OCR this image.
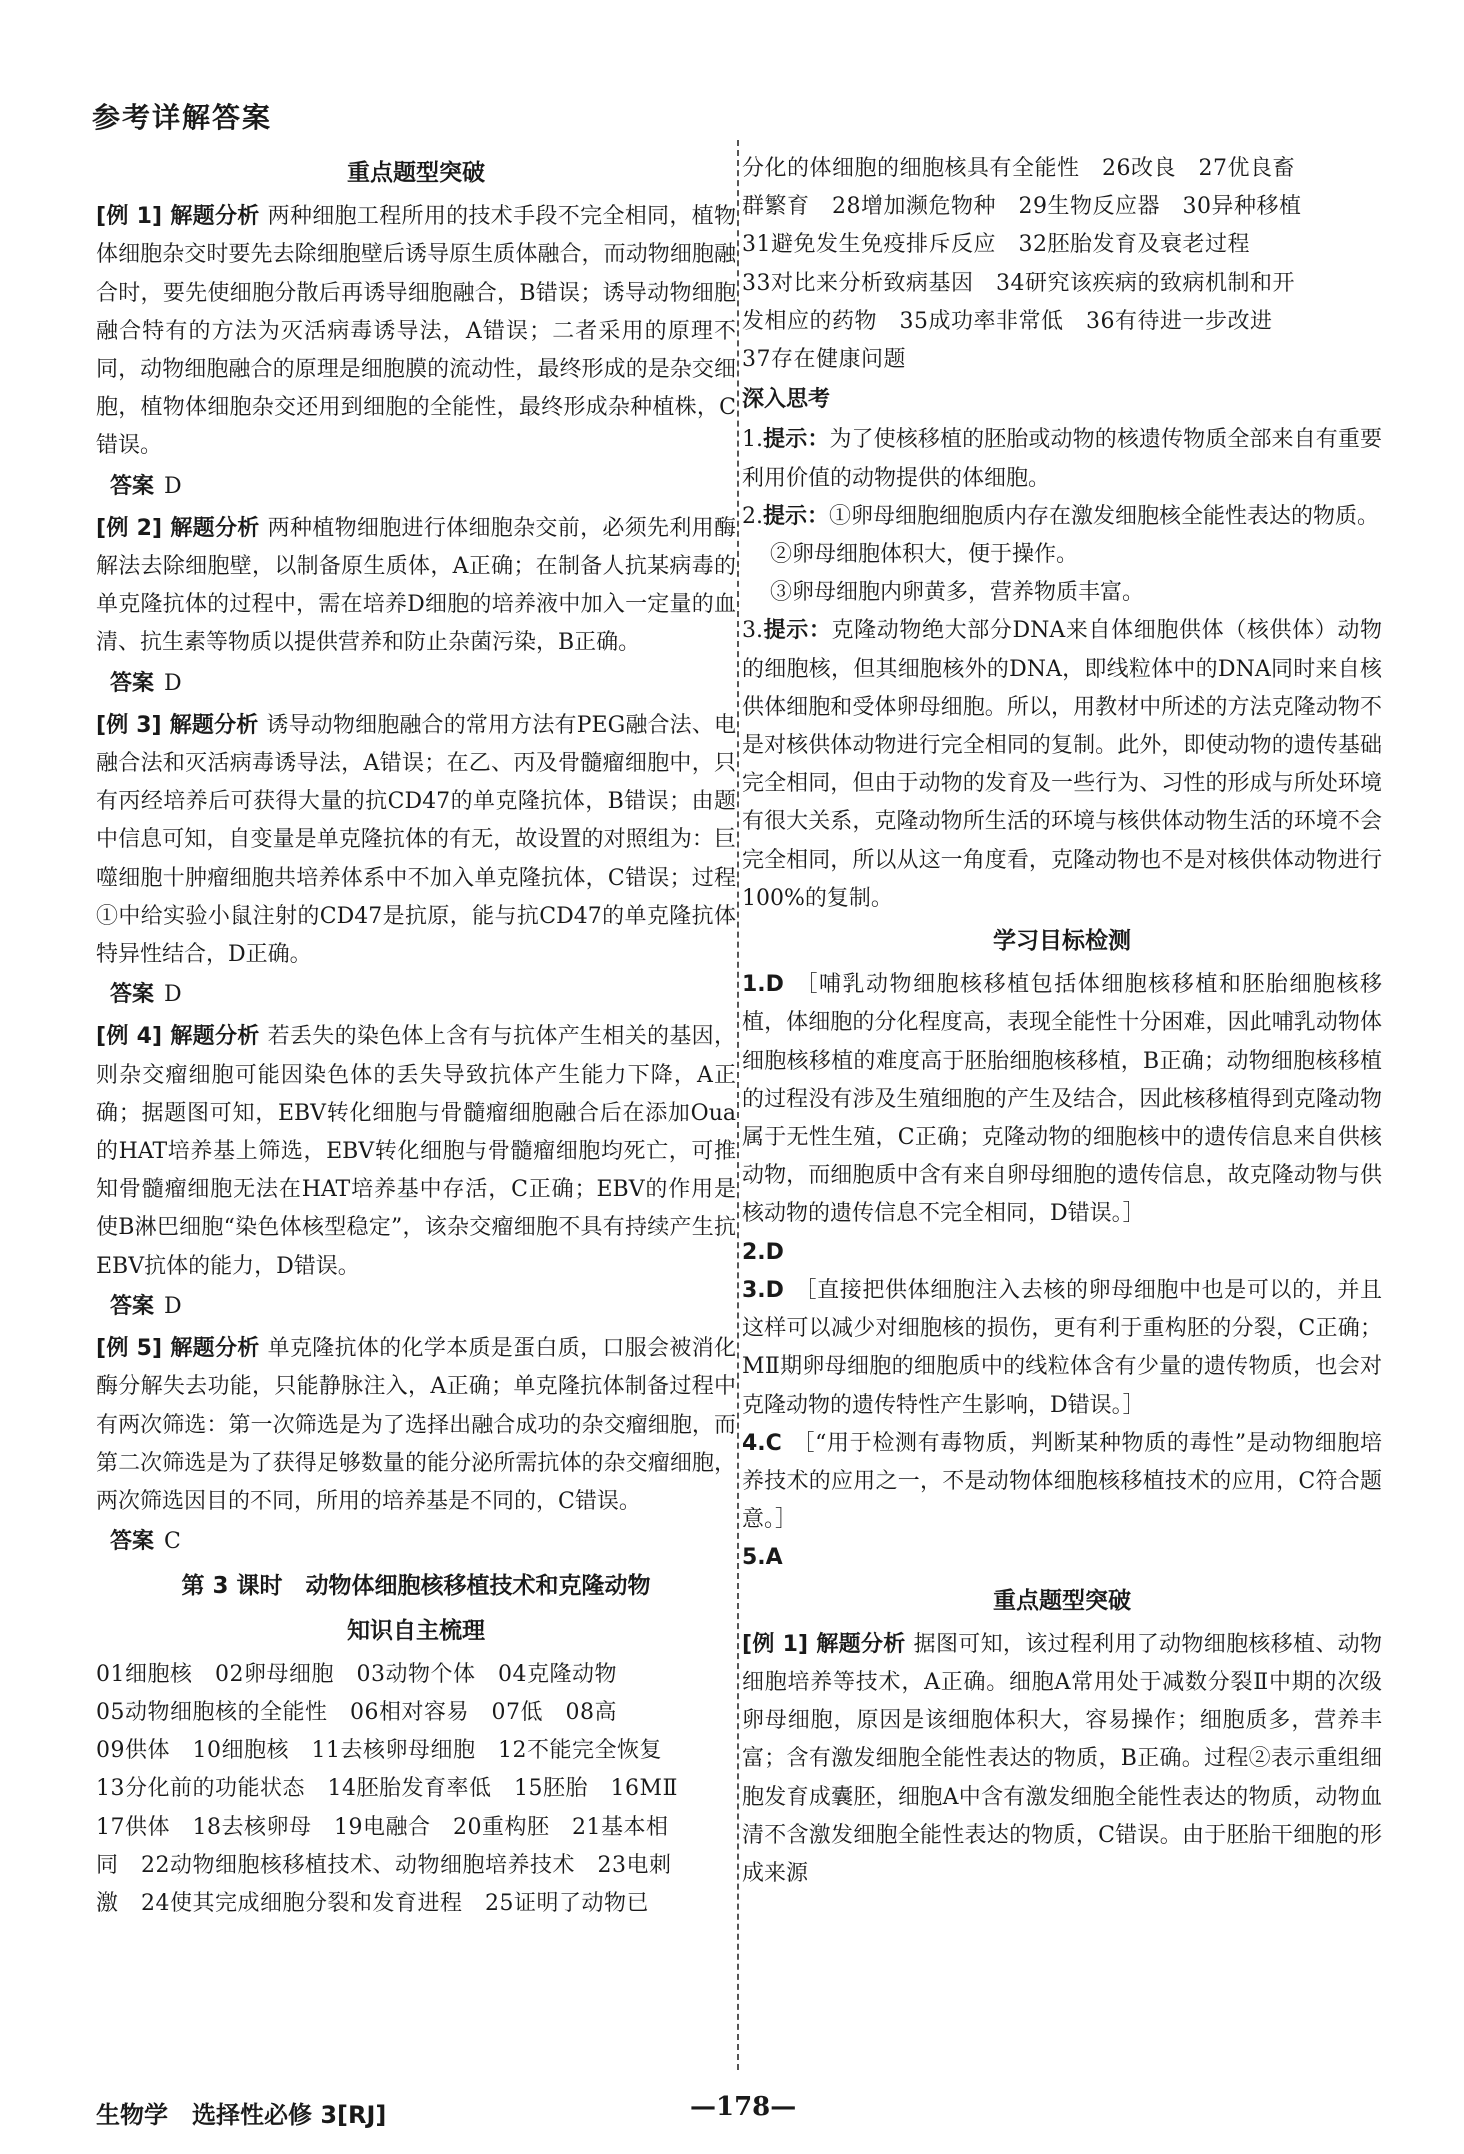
参考详解答案
重点题型突破

[例 1] 解题分析 两种细胞工程所用的技术手段不完全相同，植物体细胞杂交时要先去除细胞壁后诱导原生质体融合，而动物细胞融合时，要先使细胞分散后再诱导细胞融合，B错误；诱导动物细胞融合特有的方法为灭活病毒诱导法，A错误；二者采用的原理不同，动物细胞融合的原理是细胞膜的流动性，最终形成的是杂交细胞，植物体细胞杂交还用到细胞的全能性，最终形成杂种植株，C错误。

答案 D

[例 2] 解题分析 两种植物细胞进行体细胞杂交前，必须先利用酶解法去除细胞壁，以制备原生质体，A正确；在制备人抗某病毒的单克隆抗体的过程中，需在培养D细胞的培养液中加入一定量的血清、抗生素等物质以提供营养和防止杂菌污染，B正确。

答案 D

[例 3] 解题分析 诱导动物细胞融合的常用方法有PEG融合法、电融合法和灭活病毒诱导法，A错误；在乙、丙及骨髓瘤细胞中，只有丙经培养后可获得大量的抗CD47的单克隆抗体，B错误；由题中信息可知，自变量是单克隆抗体的有无，故设置的对照组为：巨噬细胞十肿瘤细胞共培养体系中不加入单克隆抗体，C错误；过程①中给实验小鼠注射的CD47是抗原，能与抗CD47的单克隆抗体特异性结合，D正确。

答案 D

[例 4] 解题分析 若丢失的染色体上含有与抗体产生相关的基因，则杂交瘤细胞可能因染色体的丢失导致抗体产生能力下降，A正确；据题图可知，EBV转化细胞与骨髓瘤细胞融合后在添加Oua的HAT培养基上筛选，EBV转化细胞与骨髓瘤细胞均死亡，可推知骨髓瘤细胞无法在HAT培养基中存活，C正确；EBV的作用是使B淋巴细胞“染色体核型稳定”，该杂交瘤细胞不具有持续产生抗EBV抗体的能力，D错误。

答案 D

[例 5] 解题分析 单克隆抗体的化学本质是蛋白质，口服会被消化酶分解失去功能，只能静脉注入，A正确；单克隆抗体制备过程中有两次筛选：第一次筛选是为了选择出融合成功的杂交瘤细胞，而第二次筛选是为了获得足够数量的能分泌所需抗体的杂交瘤细胞，两次筛选因目的不同，所用的培养基是不同的，C错误。

答案 C

第 3 课时　动物体细胞核移植技术和克隆动物
知识自主梳理

01细胞核　02卵母细胞　03动物个体　04克隆动物

05动物细胞核的全能性　06相对容易　07低　08高

09供体　10细胞核　11去核卵母细胞　12不能完全恢复

13分化前的功能状态　14胚胎发育率低　15胚胎　16MⅡ

17供体　18去核卵母　19电融合　20重构胚　21基本相

同　22动物细胞核移植技术、动物细胞培养技术　23电刺

激　24使其完成细胞分裂和发育进程　25证明了动物已

分化的体细胞的细胞核具有全能性　26改良　27优良畜

群繁育　28增加濒危物种　29生物反应器　30异种移植

31避免发生免疫排斥反应　32胚胎发育及衰老过程

33对比来分析致病基因　34研究该疾病的致病机制和开

发相应的药物　35成功率非常低　36有待进一步改进

37存在健康问题

深入思考

1.提示：为了使核移植的胚胎或动物的核遗传物质全部来自有重要利用价值的动物提供的体细胞。

2.提示：①卵母细胞细胞质内存在激发细胞核全能性表达的物质。

②卵母细胞体积大，便于操作。

③卵母细胞内卵黄多，营养物质丰富。

3.提示：克隆动物绝大部分DNA来自体细胞供体（核供体）动物的细胞核，但其细胞核外的DNA，即线粒体中的DNA同时来自核供体细胞和受体卵母细胞。所以，用教材中所述的方法克隆动物不是对核供体动物进行完全相同的复制。此外，即使动物的遗传基础完全相同，但由于动物的发育及一些行为、习性的形成与所处环境有很大关系，克隆动物所生活的环境与核供体动物生活的环境不会完全相同，所以从这一角度看，克隆动物也不是对核供体动物进行100%的复制。

学习目标检测

1.D ［哺乳动物细胞核移植包括体细胞核移植和胚胎细胞核移植，体细胞的分化程度高，表现全能性十分困难，因此哺乳动物体细胞核移植的难度高于胚胎细胞核移植，B正确；动物细胞核移植的过程没有涉及生殖细胞的产生及结合，因此核移植得到克隆动物属于无性生殖，C正确；克隆动物的细胞核中的遗传信息来自供核动物，而细胞质中含有来自卵母细胞的遗传信息，故克隆动物与供核动物的遗传信息不完全相同，D错误。］

2.D

3.D ［直接把供体细胞注入去核的卵母细胞中也是可以的，并且这样可以减少对细胞核的损伤，更有利于重构胚的分裂，C正确；MⅡ期卵母细胞的细胞质中的线粒体含有少量的遗传物质，也会对克隆动物的遗传特性产生影响，D错误。］

4.C ［“用于检测有毒物质，判断某种物质的毒性”是动物细胞培养技术的应用之一，不是动物体细胞核移植技术的应用，C符合题意。］

5.A

重点题型突破

[例 1] 解题分析 据图可知，该过程利用了动物细胞核移植、动物细胞培养等技术，A正确。细胞A常用处于减数分裂Ⅱ中期的次级卵母细胞，原因是该细胞体积大，容易操作；细胞质多，营养丰富；含有激发细胞全能性表达的物质，B正确。过程②表示重组细胞发育成囊胚，细胞A中含有激发细胞全能性表达的物质，动物血清不含激发细胞全能性表达的物质，C错误。由于胚胎干细胞的形成来源

生物学　选择性必修 3[RJ]	—178—
